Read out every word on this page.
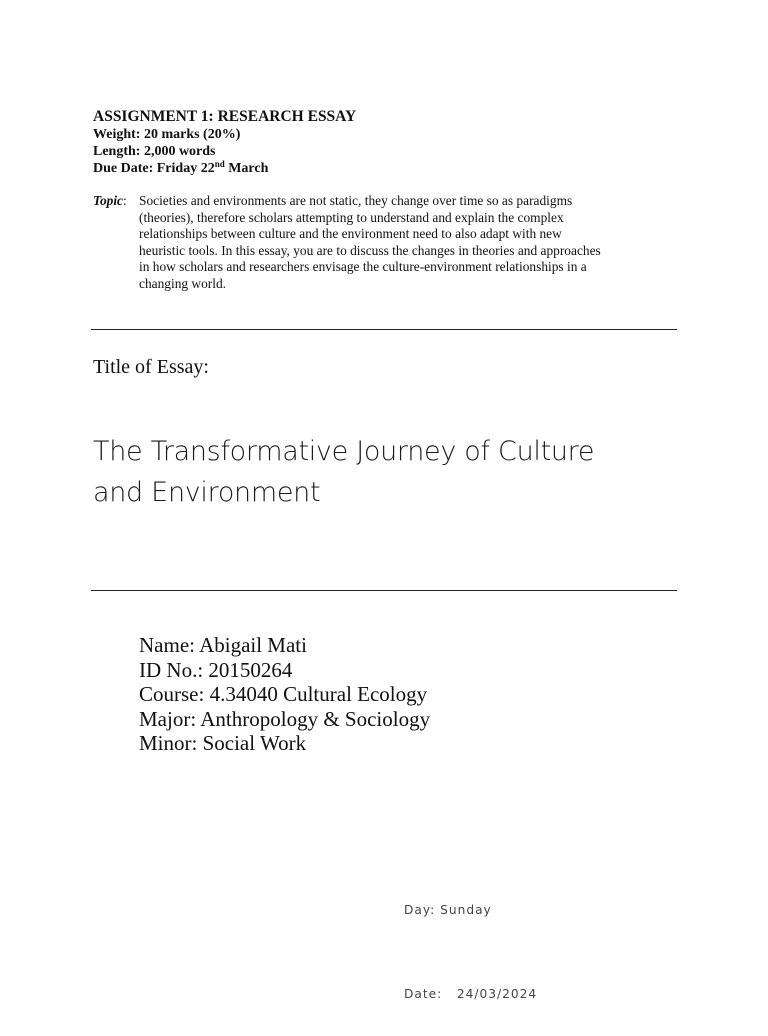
ASSIGNMENT 1: RESEARCH ESSAY
Weight: 20 marks (20%)
Length: 2,000 words
Due Date: Friday 22nd March
Topic: Societies and environments are not static, they change over time so as paradigms
(theories), therefore scholars attempting to understand and explain the complex
relationships between culture and the environment need to also adapt with new
heuristic tools. In this essay, you are to discuss the changes in theories and approaches
in how scholars and researchers envisage the culture-environment relationships in a
changing world.
Title of Essay:
The Transformative Journey of Culture
and Environment
Name: Abigail Mati
ID No.: 20150264
Course: 4.34040 Cultural Ecology
Major: Anthropology & Sociology
Minor: Social Work

Day: Sunday

Date:   24/03/2024
